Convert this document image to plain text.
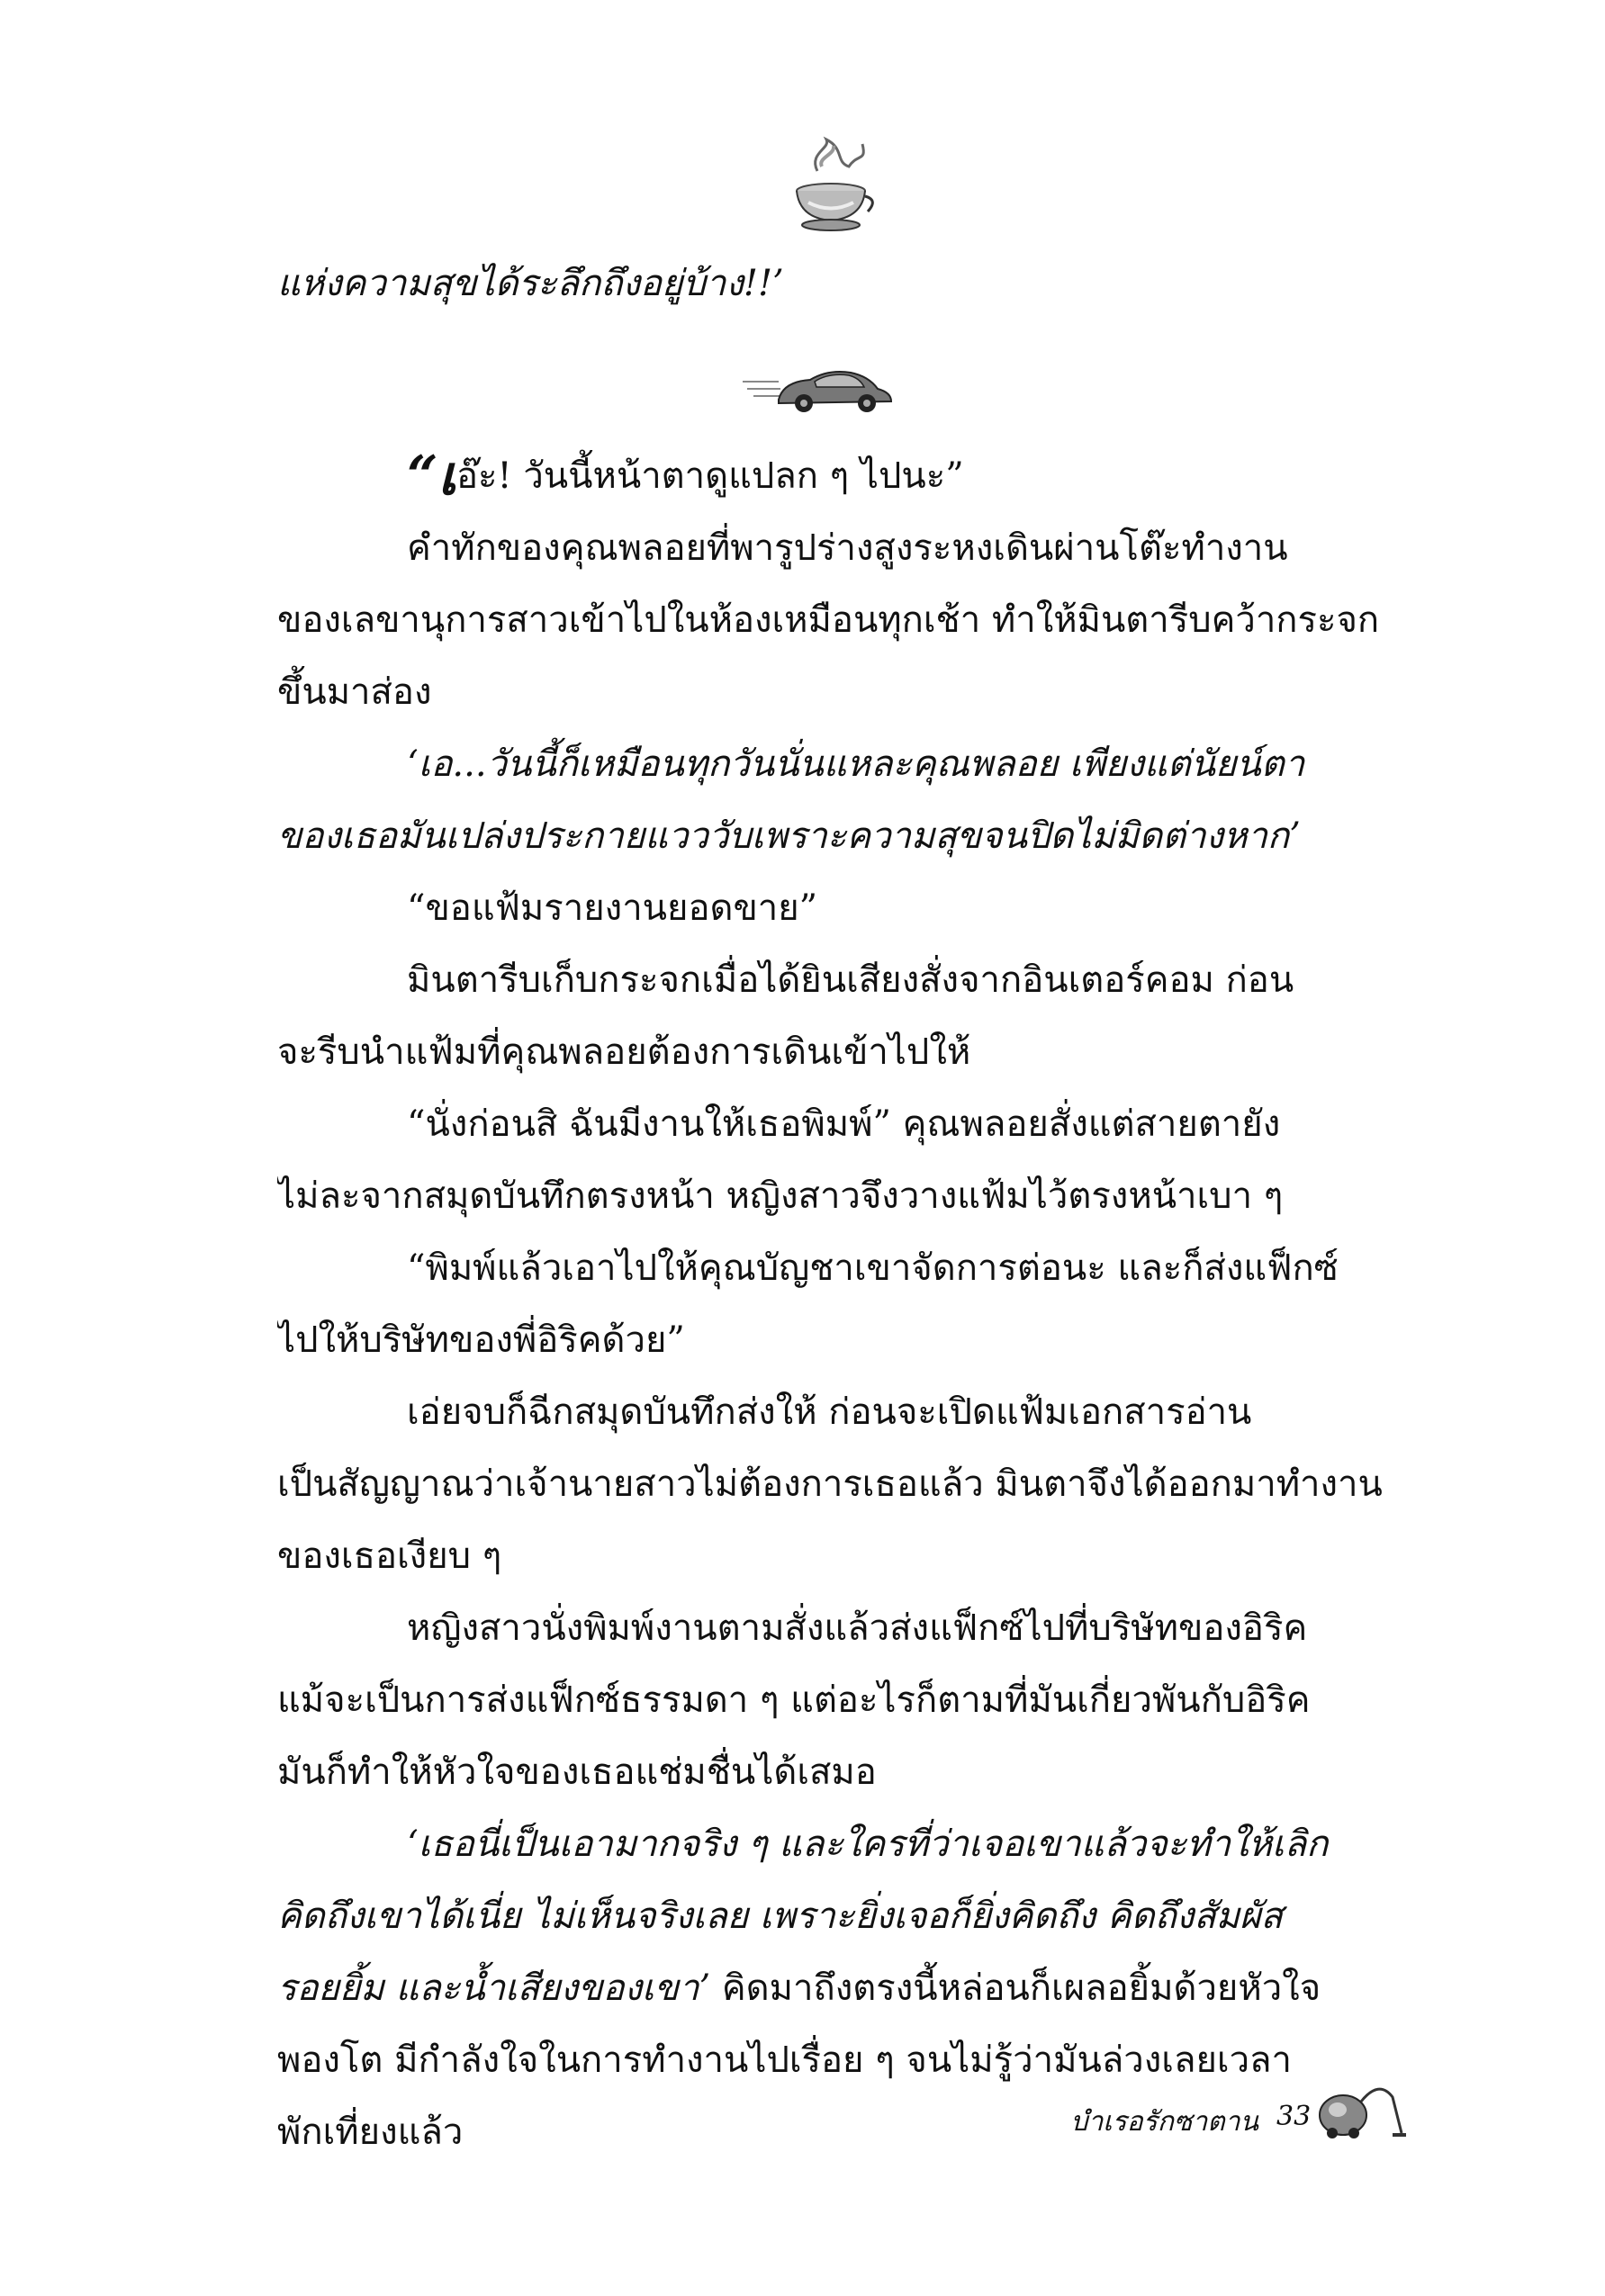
แห่งความสุขได้ระลึกถึงอยู่บ้าง!!’
“เอ๊ะ! วันนี้หน้าตาดูแปลก ๆ ไปนะ”
คำทักของคุณพลอยที่พารูปร่างสูงระหงเดินผ่านโต๊ะทำงาน
ของเลขานุการสาวเข้าไปในห้องเหมือนทุกเช้า ทำให้มินตารีบคว้ากระจก
ขึ้นมาส่อง
‘เอ...วันนี้ก็เหมือนทุกวันนั่นแหละคุณพลอย เพียงแต่นัยน์ตา
ของเธอมันเปล่งประกายแวววับเพราะความสุขจนปิดไม่มิดต่างหาก’
“ขอแฟ้มรายงานยอดขาย”
มินตารีบเก็บกระจกเมื่อได้ยินเสียงสั่งจากอินเตอร์คอม ก่อน
จะรีบนำแฟ้มที่คุณพลอยต้องการเดินเข้าไปให้
“นั่งก่อนสิ ฉันมีงานให้เธอพิมพ์” คุณพลอยสั่งแต่สายตายัง
ไม่ละจากสมุดบันทึกตรงหน้า หญิงสาวจึงวางแฟ้มไว้ตรงหน้าเบา ๆ
“พิมพ์แล้วเอาไปให้คุณบัญชาเขาจัดการต่อนะ และก็ส่งแฟ็กซ์
ไปให้บริษัทของพี่อิริคด้วย”
เอ่ยจบก็ฉีกสมุดบันทึกส่งให้ ก่อนจะเปิดแฟ้มเอกสารอ่าน
เป็นสัญญาณว่าเจ้านายสาวไม่ต้องการเธอแล้ว มินตาจึงได้ออกมาทำงาน
ของเธอเงียบ ๆ
หญิงสาวนั่งพิมพ์งานตามสั่งแล้วส่งแฟ็กซ์ไปที่บริษัทของอิริค
แม้จะเป็นการส่งแฟ็กซ์ธรรมดา ๆ แต่อะไรก็ตามที่มันเกี่ยวพันกับอิริค
มันก็ทำให้หัวใจของเธอแช่มชื่นได้เสมอ
‘เธอนี่เป็นเอามากจริง ๆ และใครที่ว่าเจอเขาแล้วจะทำให้เลิก
คิดถึงเขาได้เนี่ย ไม่เห็นจริงเลย เพราะยิ่งเจอก็ยิ่งคิดถึง คิดถึงสัมผัส
รอยยิ้ม และน้ำเสียงของเขา’ คิดมาถึงตรงนี้หล่อนก็เผลอยิ้มด้วยหัวใจ
พองโต มีกำลังใจในการทำงานไปเรื่อย ๆ จนไม่รู้ว่ามันล่วงเลยเวลา
พักเที่ยงแล้ว	บำเรอรักซาตาน 33
